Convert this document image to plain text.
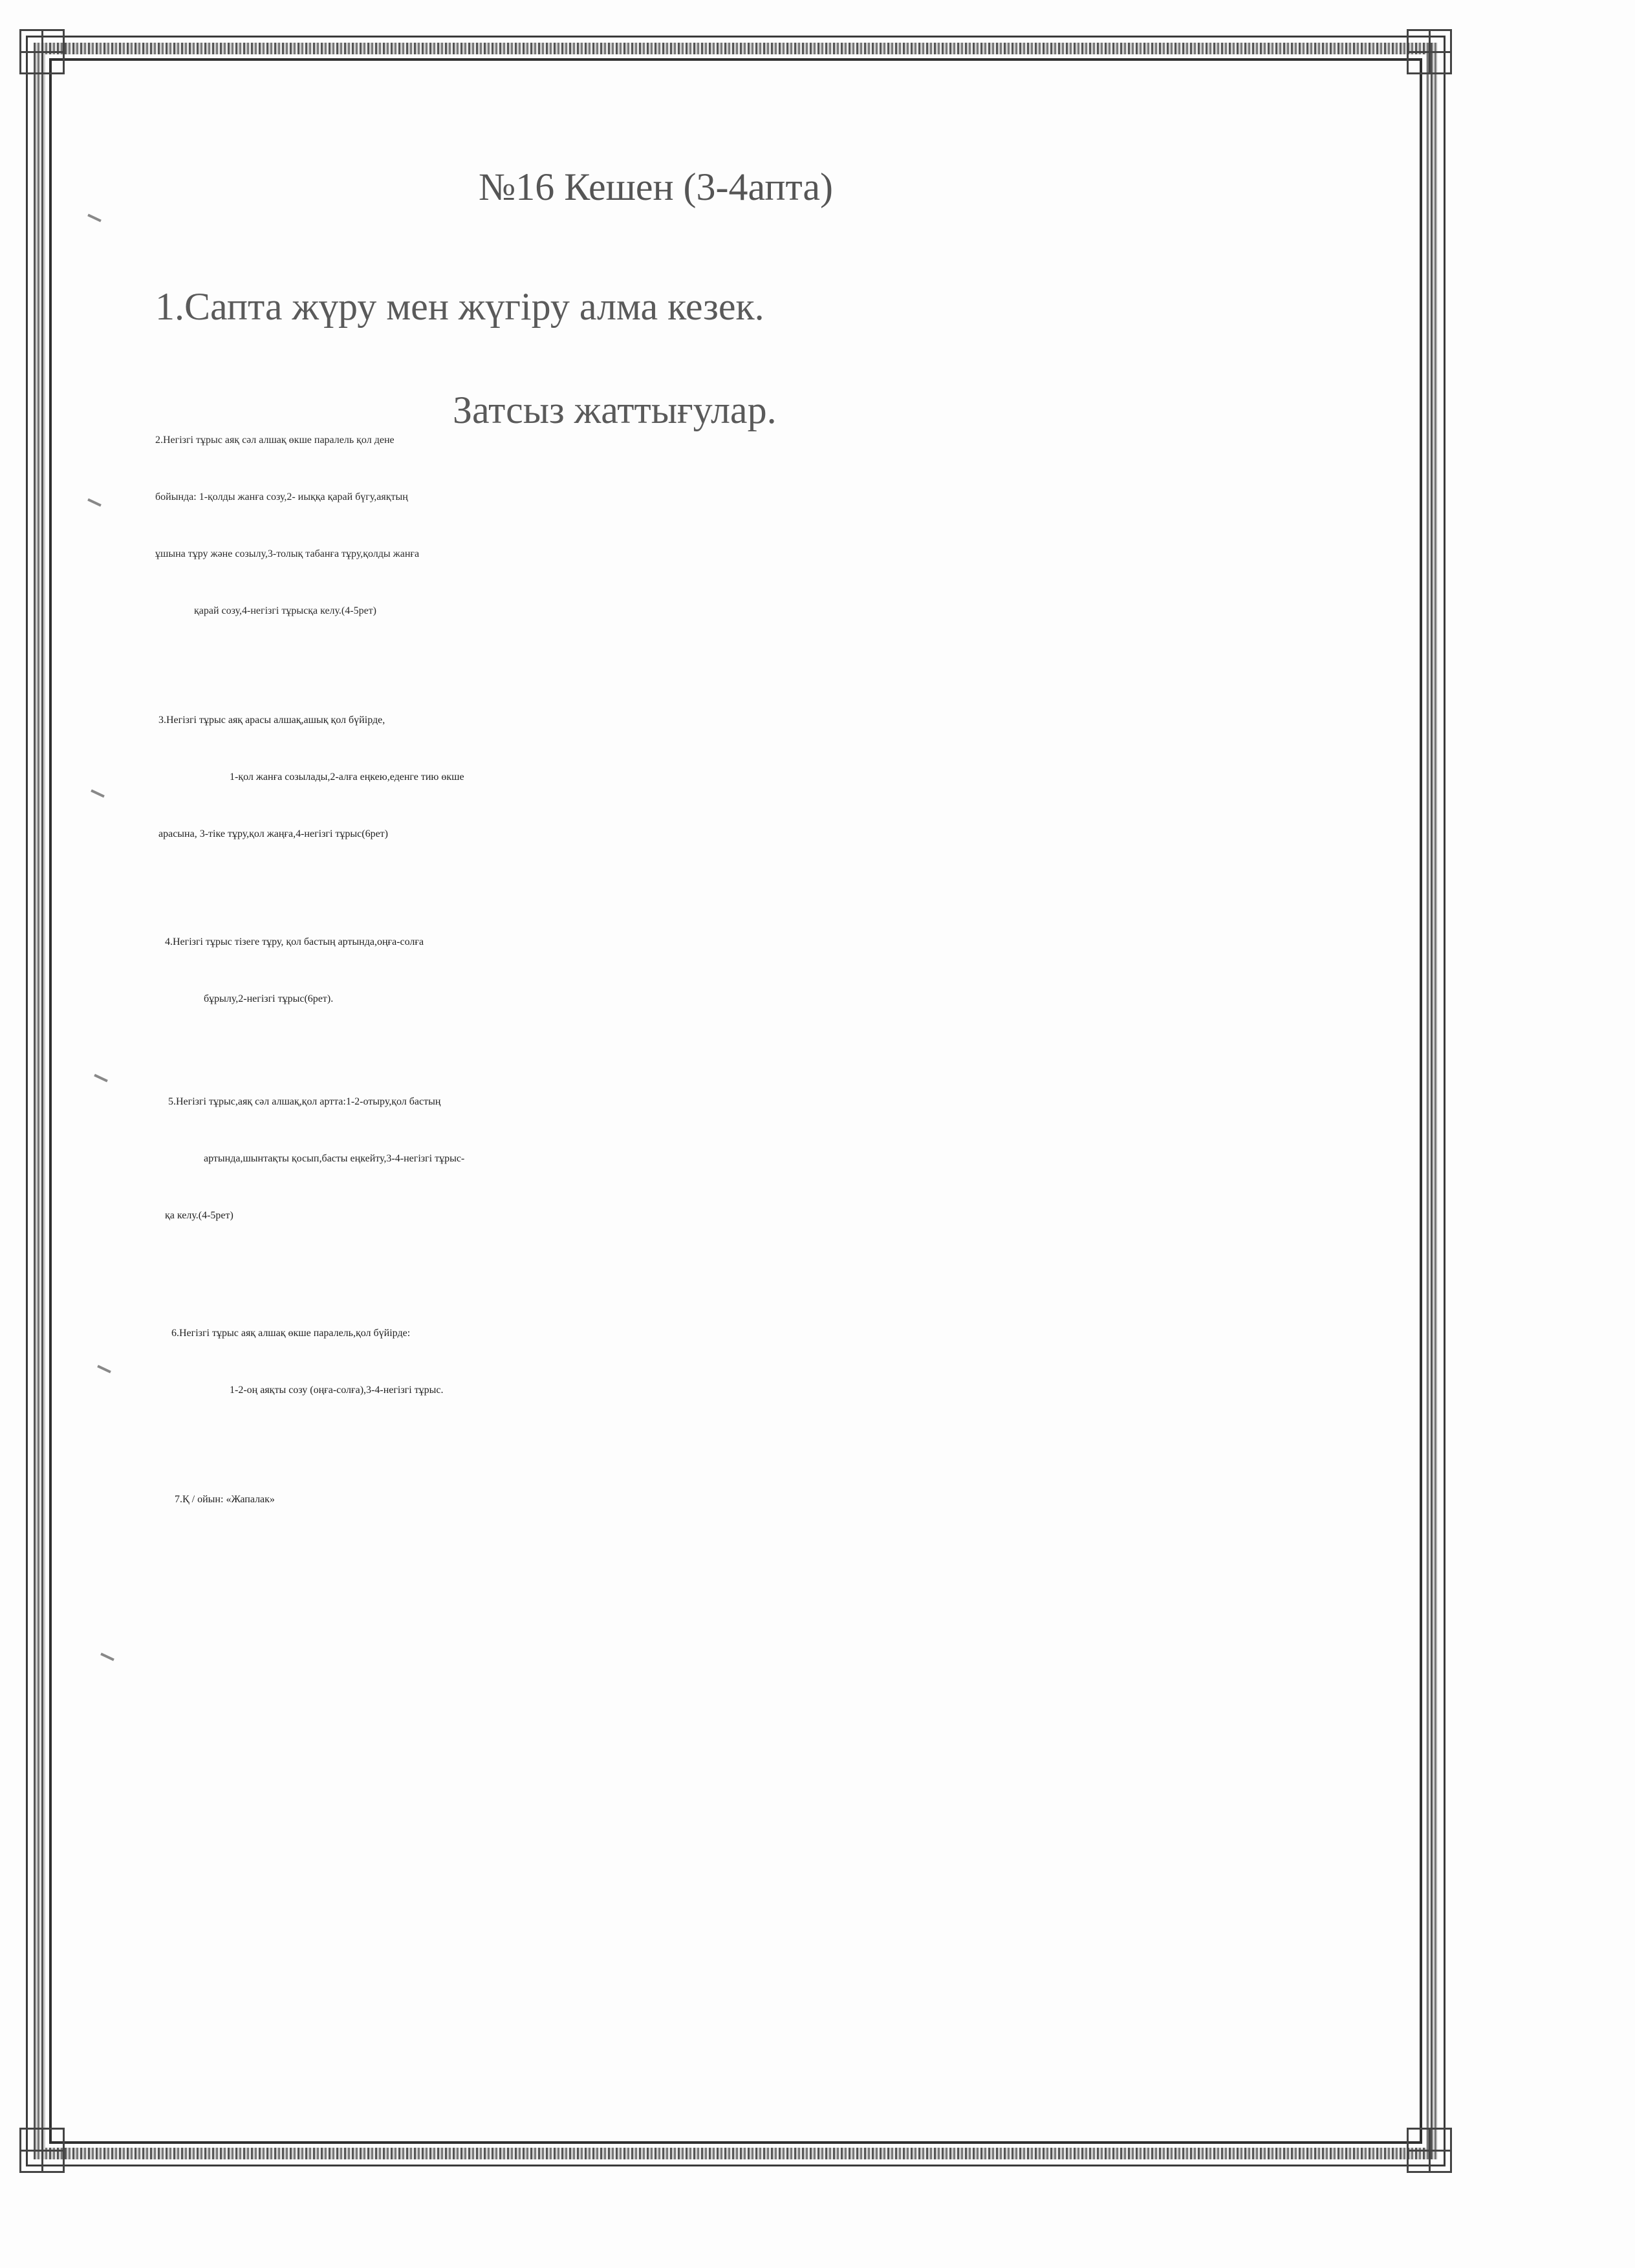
№16 Кешен (3-4апта)
1.Сапта жүру мен жүгіру алма кезек.
Затсыз жаттығулар.
2.Негізгі тұрыс аяқ сәл алшақ өкше паралель қол дене
бойында: 1-қолды жанға созу,2- иыққа қарай бүгу,аяқтың
ұшына тұру және созылу,3-толық табанға тұру,қолды жанға
қарай созу,4-негізгі тұрысқа келу.(4-5рет)
3.Негізгі тұрыс аяқ арасы алшақ,ашық қол бүйірде,
1-қол жанға созылады,2-алға еңкею,еденге тию өкше
арасына, 3-тіке тұру,қол жаңға,4-негізгі тұрыс(6рет)
4.Негізгі тұрыс тізеге тұру, қол бастың артында,оңға-солға
бұрылу,2-негізгі тұрыс(6рет).
5.Негізгі тұрыс,аяқ сәл алшақ,қол артта:1-2-отыру,қол бастың
артында,шынтақты қосып,басты еңкейту,3-4-негізгі тұрыс-
қа келу.(4-5рет)
6.Негізгі тұрыс аяқ алшақ өкше паралель,қол бүйірде:
1-2-оң аяқты созу (оңға-солға),3-4-негізгі тұрыс.
7.Қ / ойын: «Жапалак»
